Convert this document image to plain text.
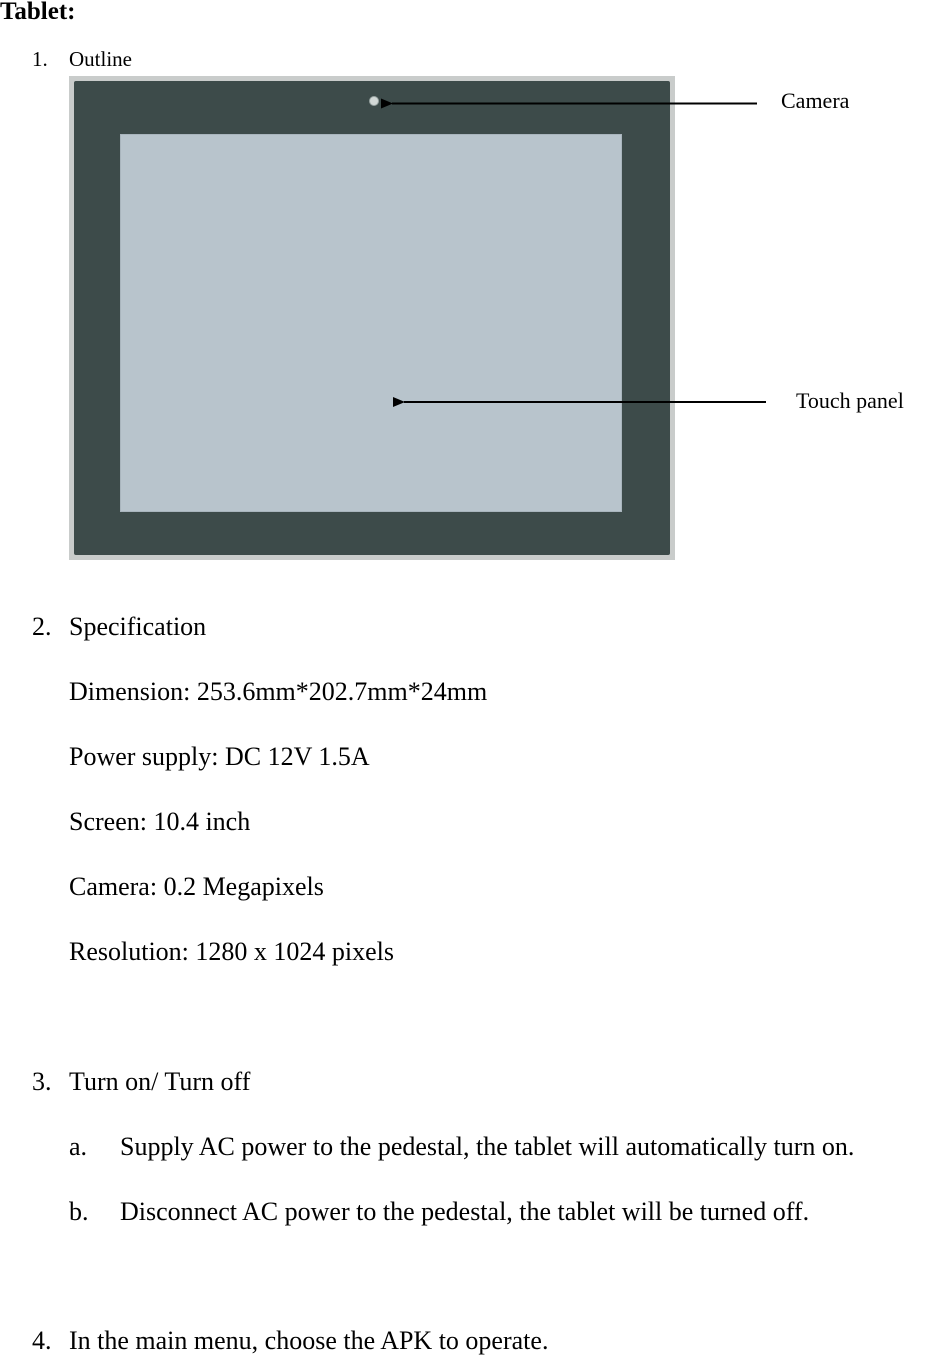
Tablet:
1. Outline
Camera
Touch panel
2. Specification
Dimension: 253.6mm*202.7mm*24mm
Power supply: DC 12V 1.5A
Screen: 10.4 inch
Camera: 0.2 Megapixels
Resolution: 1280 x 1024 pixels
3. Turn on/ Turn off
a. Supply AC power to the pedestal, the tablet will automatically turn on.
b. Disconnect AC power to the pedestal, the tablet will be turned off.
4. In the main menu, choose the APK to operate.
